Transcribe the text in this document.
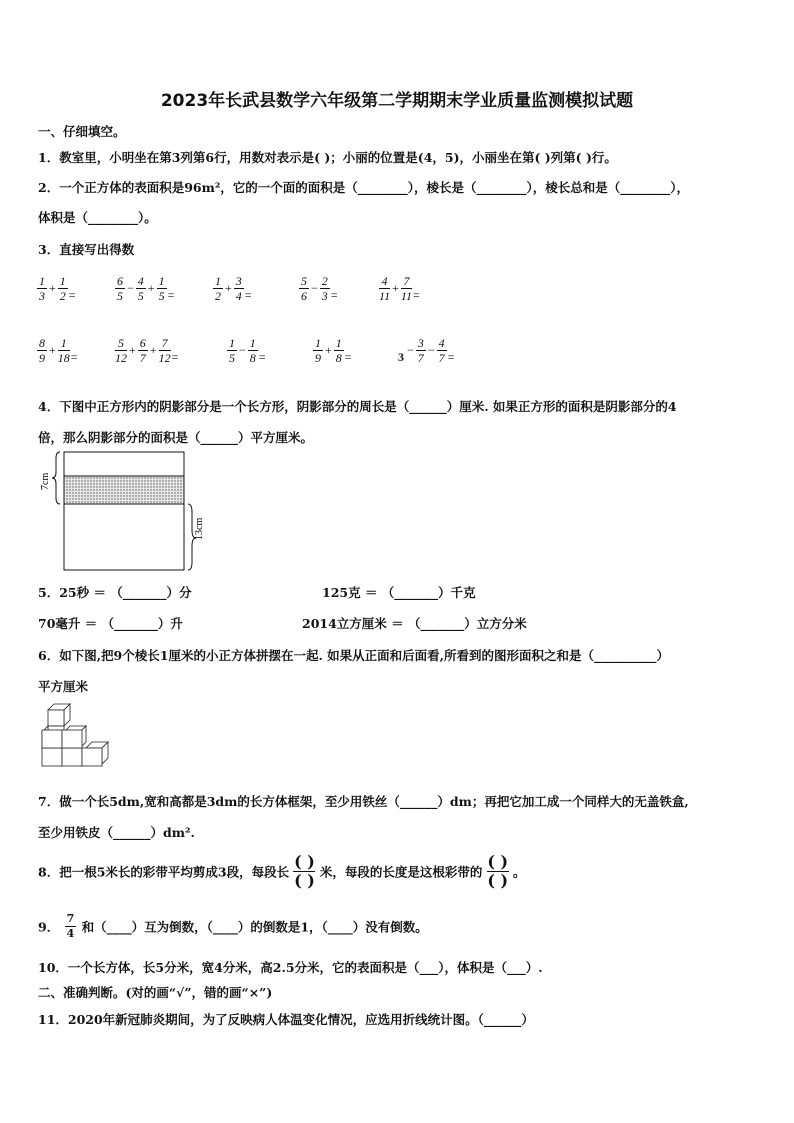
2023年长武县数学六年级第二学期期末学业质量监测模拟试题
一、仔细填空。
1．教室里，小明坐在第3列第6行，用数对表示是( )；小丽的位置是(4，5)，小丽坐在第( )列第( )行。
2．一个正方体的表面积是96m²，它的一个面的面积是（________），棱长是（________），棱长总和是（________），
体积是（________）。
3．直接写出得数
$\frac{1}{3} + \frac{1}{2}$ =	$\frac{6}{5} - \frac{4}{5} + \frac{1}{5}$ =	$\frac{1}{2} + \frac{3}{4}$ =	$\frac{5}{6} - \frac{2}{3}$ =	$\frac{4}{11} + \frac{7}{11}$ =
$\frac{8}{9} + \frac{1}{18}$ =	$\frac{5}{12} + \frac{6}{7} + \frac{7}{12}$ =	$\frac{1}{5} - \frac{1}{8}$ =	$\frac{1}{9} + \frac{1}{8}$ =	$3- \frac{3}{7} - \frac{4}{7}$ =
4．下图中正方形内的阴影部分是一个长方形，阴影部分的周长是（______）厘米. 如果正方形的面积是阴影部分的4
倍，那么阴影部分的面积是（______）平方厘米。
7cm
13cm
5．25秒 ＝ （_______）分	125克 ＝ （_______）千克
70毫升 ＝ （_______）升	2014立方厘米 ＝ （_______）立方分米
6．如下图,把9个棱长1厘米的小正方体拼摆在一起. 如果从正面和后面看,所看到的图形面积之和是（__________）
平方厘米
7．做一个长5dm,宽和高都是3dm的长方体框架，至少用铁丝（______）dm；再把它加工成一个同样大的无盖铁盒,
至少用铁皮（______）dm².
8．把一根5米长的彩带平均剪成3段，每段长
( )
( ) 米，每段的长度是这根彩带的
( )
( ) 。
9． $\frac{7}{4}$ 和（____）互为倒数，（____）的倒数是1，（____）没有倒数。
10．一个长方体，长5分米，宽4分米，高2.5分米，它的表面积是（___），体积是（___）.
二、准确判断。(对的画“√”，错的画“×”)
11．2020年新冠肺炎期间，为了反映病人体温变化情况，应选用折线统计图。（______）
